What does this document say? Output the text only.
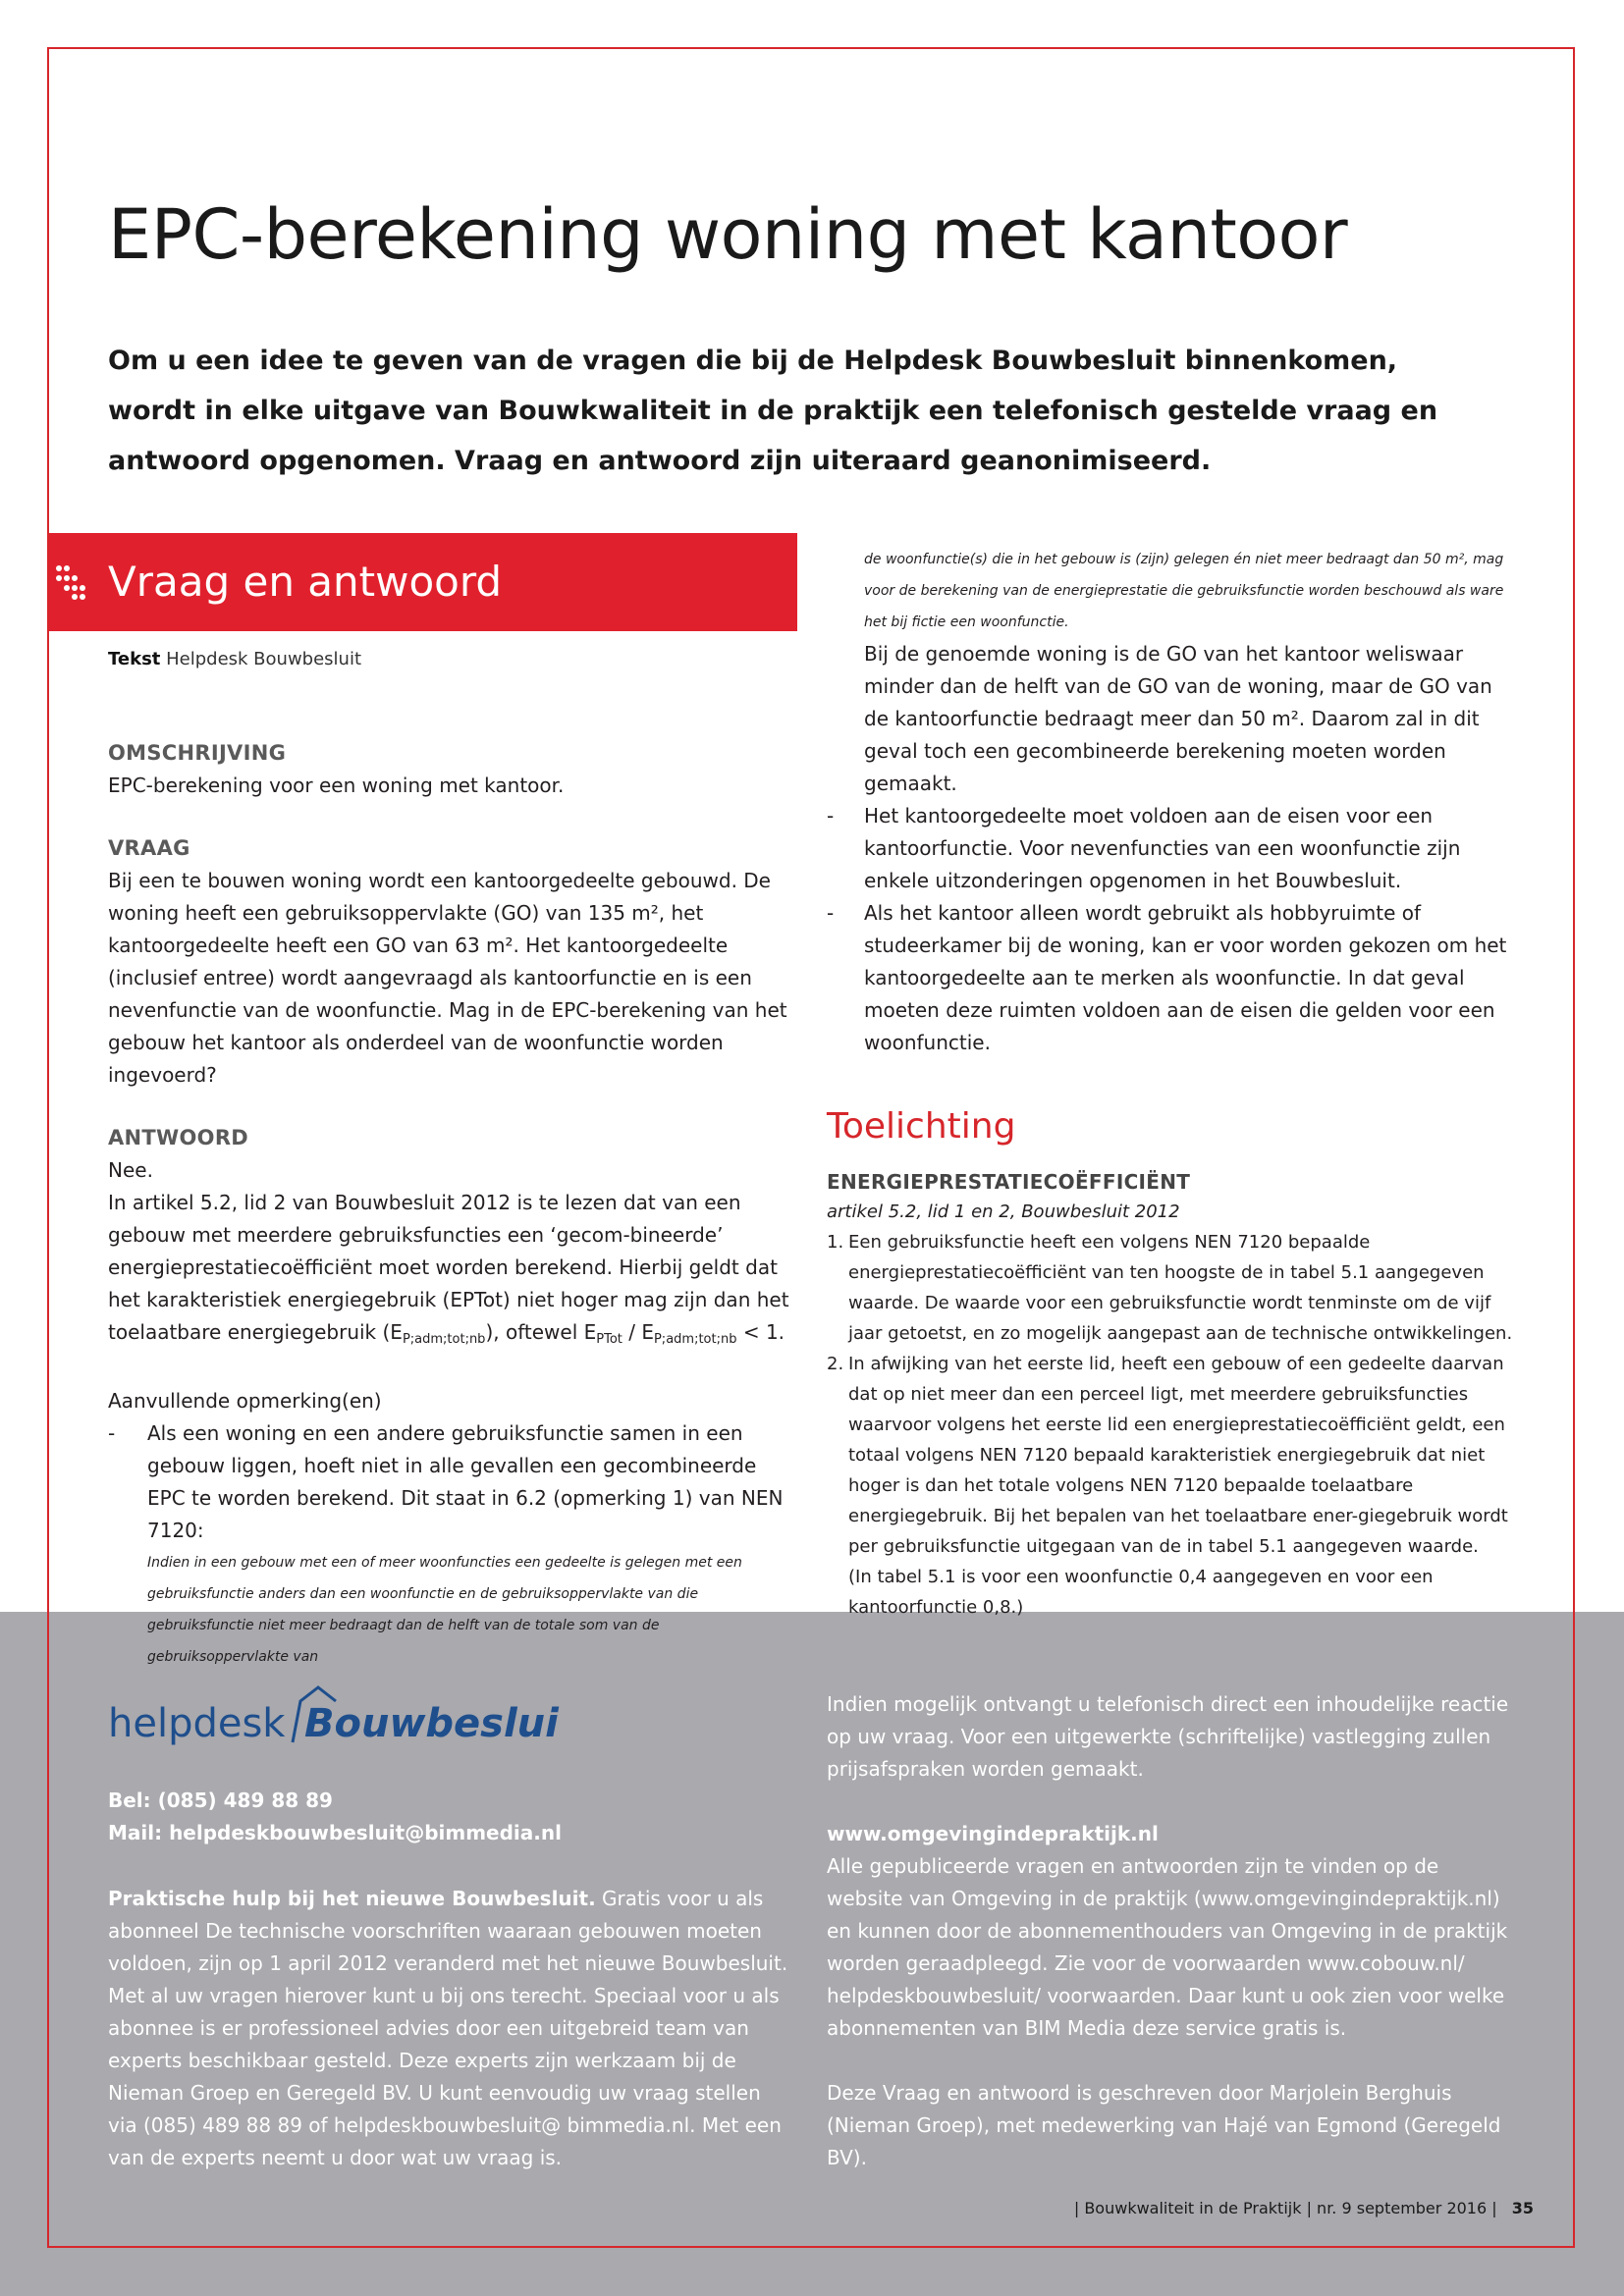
EPC-berekening woning met kantoor

Om u een idee te geven van de vragen die bij de Helpdesk Bouwbesluit binnenkomen, wordt in elke uitgave van Bouwkwaliteit in de praktijk een telefonisch gestelde vraag en antwoord opgenomen. Vraag en antwoord zijn uiteraard geanonimiseerd.

Vraag en antwoord
Tekst Helpdesk Bouwbesluit

OMSCHRIJVING

EPC-berekening voor een woning met kantoor.

VRAAG

Bij een te bouwen woning wordt een kantoorgedeelte gebouwd. De woning heeft een gebruiksoppervlakte (GO) van 135 m², het kantoorgedeelte heeft een GO van 63 m². Het kantoorgedeelte (inclusief entree) wordt aangevraagd als kantoorfunctie en is een nevenfunctie van de woonfunctie. Mag in de EPC-berekening van het gebouw het kantoor als onderdeel van de woonfunctie worden ingevoerd?

ANTWOORD

Nee.

In artikel 5.2, lid 2 van Bouwbesluit 2012 is te lezen dat van een gebouw met meerdere gebruiksfuncties een ‘gecom-bineerde’ energieprestatiecoëfficiënt moet worden berekend. Hierbij geldt dat het karakteristiek energiegebruik (EPTot) niet hoger mag zijn dan het toelaatbare energiegebruik $(E_{P;adm;tot;nb})$, oftewel $E_{PTot} / E_{P;adm;tot;nb} < 1$.

Aanvullende opmerking(en)

- Als een woning en een andere gebruiksfunctie samen in een gebouw liggen, hoeft niet in alle gevallen een gecombineerde EPC te worden berekend. Dit staat in 6.2 (opmerking 1) van NEN 7120:

Indien in een gebouw met een of meer woonfuncties een gedeelte is gelegen met een gebruiksfunctie anders dan een woonfunctie en de gebruiksoppervlakte van die gebruiksfunctie niet meer bedraagt dan de helft van de totale som van de gebruiksoppervlakte van

de woonfunctie(s) die in het gebouw is (zijn) gelegen én niet meer bedraagt dan 50 m², mag voor de berekening van de energieprestatie die gebruiksfunctie worden beschouwd als ware het bij fictie een woonfunctie.

Bij de genoemde woning is de GO van het kantoor weliswaar minder dan de helft van de GO van de woning, maar de GO van de kantoorfunctie bedraagt meer dan 50 m². Daarom zal in dit geval toch een gecombineerde berekening moeten worden gemaakt.

- Het kantoorgedeelte moet voldoen aan de eisen voor een kantoorfunctie. Voor nevenfuncties van een woonfunctie zijn enkele uitzonderingen opgenomen in het Bouwbesluit.
- Als het kantoor alleen wordt gebruikt als hobbyruimte of studeerkamer bij de woning, kan er voor worden gekozen om het kantoorgedeelte aan te merken als woonfunctie. In dat geval moeten deze ruimten voldoen aan de eisen die gelden voor een woonfunctie.
Toelichting

ENERGIEPRESTATIECOËFFICIËNT

artikel 5.2, lid 1 en 2, Bouwbesluit 2012

1. Een gebruiksfunctie heeft een volgens NEN 7120 bepaalde energieprestatiecoëfficiënt van ten hoogste de in tabel 5.1 aangegeven waarde. De waarde voor een gebruiksfunctie wordt tenminste om de vijf jaar getoetst, en zo mogelijk aangepast aan de technische ontwikkelingen.
2. In afwijking van het eerste lid, heeft een gebouw of een gedeelte daarvan dat op niet meer dan een perceel ligt, met meerdere gebruiksfuncties waarvoor volgens het eerste lid een energieprestatiecoëfficiënt geldt, een totaal volgens NEN 7120 bepaald karakteristiek energiegebruik dat niet hoger is dan het totale volgens NEN 7120 bepaalde toelaatbare energiegebruik. Bij het bepalen van het toelaatbare ener-giegebruik wordt per gebruiksfunctie uitgegaan van de in tabel 5.1 aangegeven waarde.
(In tabel 5.1 is voor een woonfunctie 0,4 aangegeven en voor een kantoorfunctie 0,8.)
helpdesk Bouwbesluit
Bel: (085) 489 88 89
Mail: helpdeskbouwbesluit@bimmedia.nl

Praktische hulp bij het nieuwe Bouwbesluit. Gratis voor u als abonneel De technische voorschriften waaraan gebouwen moeten voldoen, zijn op 1 april 2012 veranderd met het nieuwe Bouwbesluit. Met al uw vragen hierover kunt u bij ons terecht. Speciaal voor u als abonnee is er professioneel advies door een uitgebreid team van experts beschikbaar gesteld. Deze experts zijn werkzaam bij de Nieman Groep en Geregeld BV. U kunt eenvoudig uw vraag stellen via (085) 489 88 89 of helpdeskbouwbesluit@ bimmedia.nl. Met een van de experts neemt u door wat uw vraag is.

Indien mogelijk ontvangt u telefonisch direct een inhoudelijke reactie op uw vraag. Voor een uitgewerkte (schriftelijke) vastlegging zullen prijsafspraken worden gemaakt.

www.omgevingindepraktijk.nl

Alle gepubliceerde vragen en antwoorden zijn te vinden op de website van Omgeving in de praktijk (www.omgevingindepraktijk.nl) en kunnen door de abonnementhouders van Omgeving in de praktijk worden geraadpleegd. Zie voor de voorwaarden www.cobouw.nl/ helpdeskbouwbesluit/ voorwaarden. Daar kunt u ook zien voor welke abonnementen van BIM Media deze service gratis is.

Deze Vraag en antwoord is geschreven door Marjolein Berghuis (Nieman Groep), met medewerking van Hajé van Egmond (Geregeld BV).

| Bouwkwaliteit in de Praktijk | nr. 9 september 2016 | 35
